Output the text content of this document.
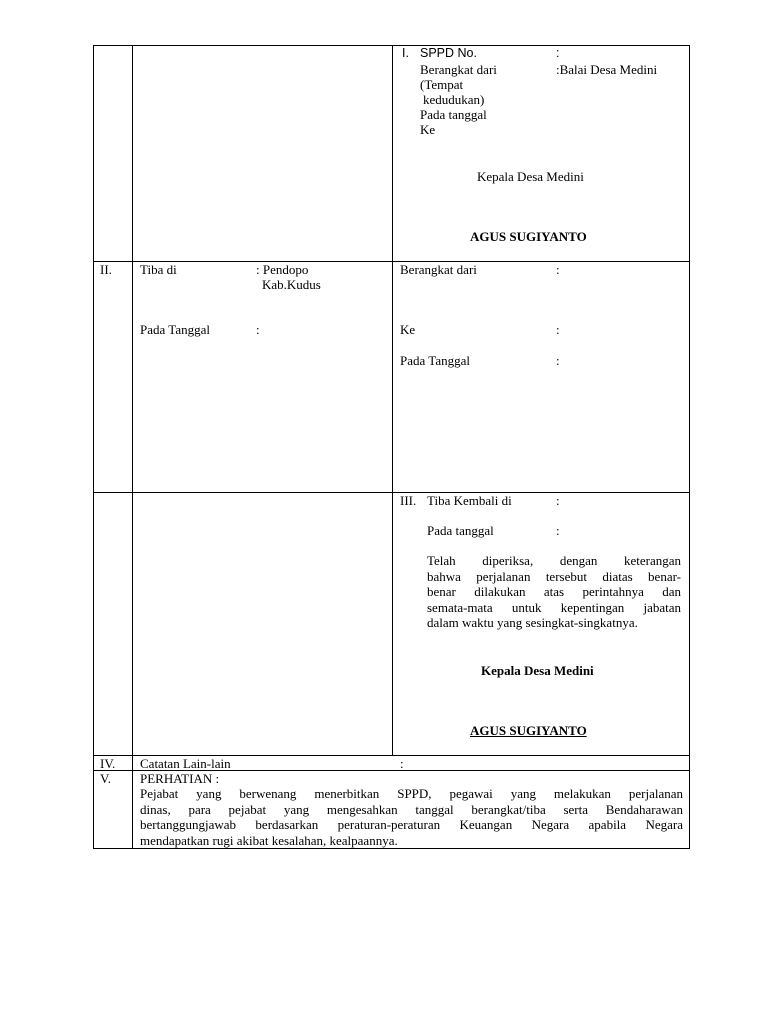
I. SPPD No.	:
Berangkat dari	:Balai Desa Medini
(Tempat
kedudukan)
Pada tanggal
Ke
Kepala Desa Medini
AGUS SUGIYANTO
II. Tiba di	: Pendopo
Kab.Kudus
Pada Tanggal	:
Berangkat dari	:
Ke	:
Pada Tanggal	:
III. Tiba Kembali di	:
Pada tanggal	:
Telah diperiksa, dengan keterangan
bahwa perjalanan tersebut diatas benar-
benar dilakukan atas perintahnya dan
semata-mata untuk kepentingan jabatan
dalam waktu yang sesingkat-singkatnya.
Kepala Desa Medini
AGUS SUGIYANTO
IV. Catatan Lain-lain	:
V. PERHATIAN :
Pejabat yang berwenang menerbitkan SPPD, pegawai yang melakukan perjalanan
dinas, para pejabat yang mengesahkan tanggal berangkat/tiba serta Bendaharawan
bertanggungjawab berdasarkan peraturan-peraturan Keuangan Negara apabila Negara
mendapatkan rugi akibat kesalahan, kealpaannya.
